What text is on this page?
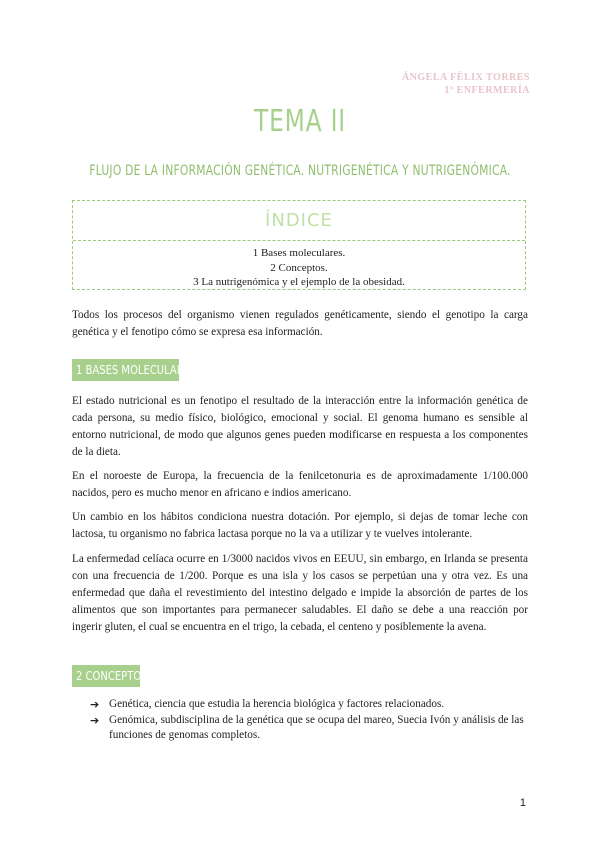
ÁNGELA FÉLIX TORRES
1º ENFERMERÍA
TEMA II
FLUJO DE LA INFORMACIÓN GENÉTICA. NUTRIGENÉTICA Y NUTRIGENÓMICA.
ÍNDICE
1 Bases moleculares.
2 Conceptos.
3 La nutrigenómica y el ejemplo de la obesidad.

Todos los procesos del organismo vienen regulados genéticamente, siendo el genotipo la carga genética y el fenotipo cómo se expresa esa información.

1 BASES MOLECULARES.

El estado nutricional es un fenotipo el resultado de la interacción entre la información genética de cada persona, su medio físico, biológico, emocional y social. El genoma humano es sensible al entorno nutricional, de modo que algunos genes pueden modificarse en respuesta a los componentes de la dieta.

En el noroeste de Europa, la frecuencia de la fenilcetonuria es de aproximadamente 1/100.000 nacidos, pero es mucho menor en africano e indios americano.

Un cambio en los hábitos condiciona nuestra dotación. Por ejemplo, si dejas de tomar leche con lactosa, tu organismo no fabrica lactasa porque no la va a utilizar y te vuelves intolerante.

La enfermedad celíaca ocurre en 1/3000 nacidos vivos en EEUU, sin embargo, en Irlanda se presenta con una frecuencia de 1/200. Porque es una isla y los casos se perpetúan una y otra vez. Es una enfermedad que daña el revestimiento del intestino delgado e impide la absorción de partes de los alimentos que son importantes para permanecer saludables. El daño se debe a una reacción por ingerir gluten, el cual se encuentra en el trigo, la cebada, el centeno y posiblemente la avena.

2 CONCEPTOS
➔ Genética, ciencia que estudia la herencia biológica y factores relacionados.
➔ Genómica, subdisciplina de la genética que se ocupa del mareo, Suecia Ivón y análisis de las funciones de genomas completos.
1
